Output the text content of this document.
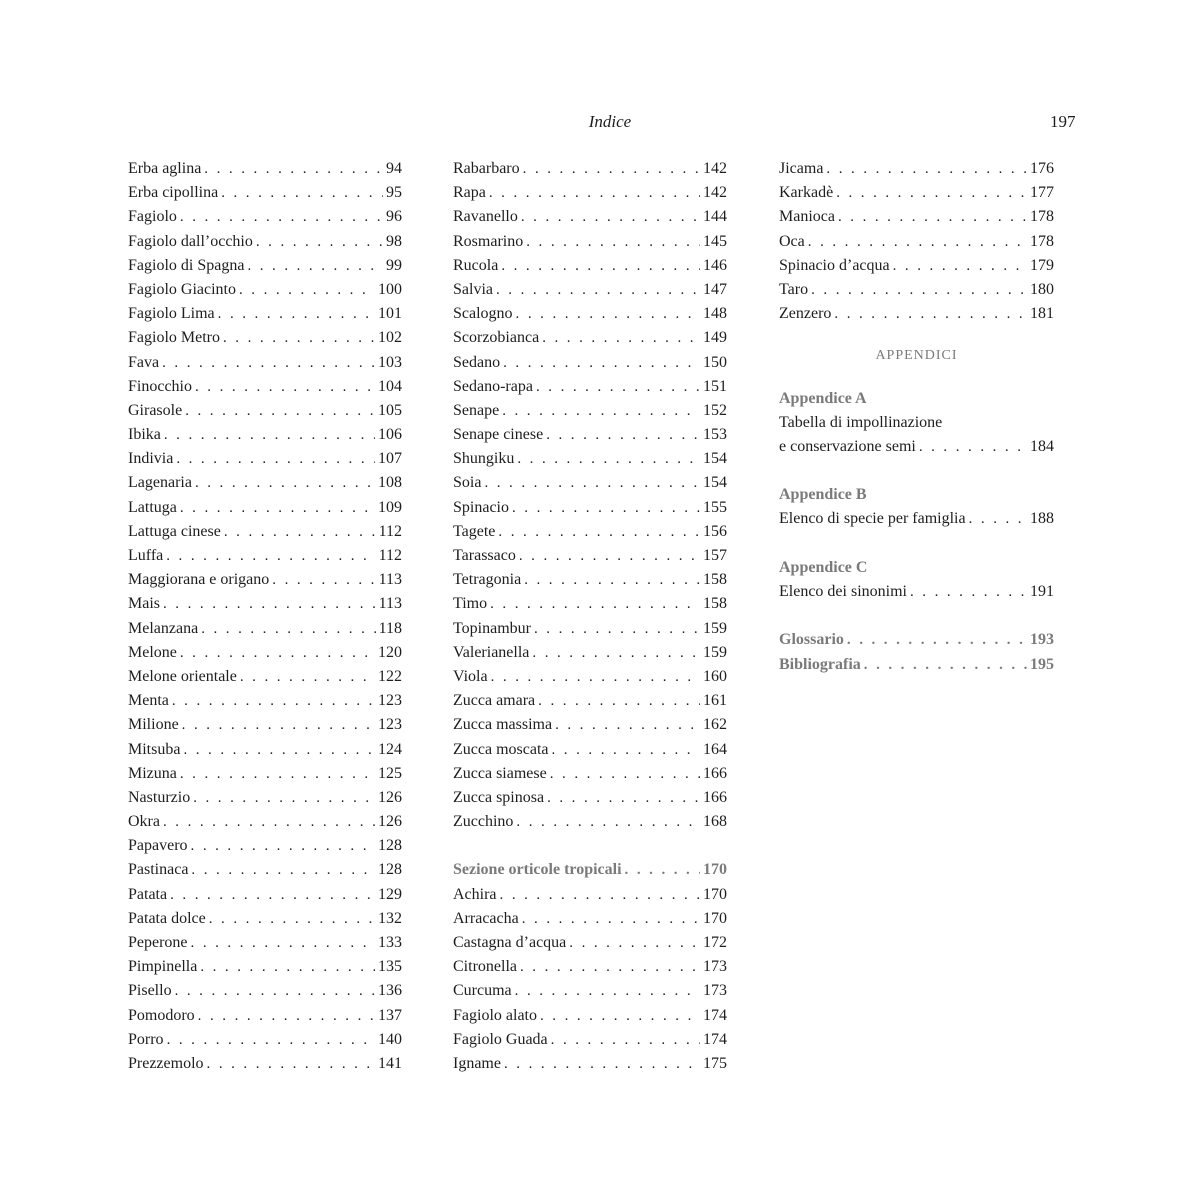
Indice	197
Erba aglina . . .	94
Erba cipollina . . .	95
Fagiolo . . .	96
Fagiolo dall’occhio . . .	98
Fagiolo di Spagna . . .	99
Fagiolo Giacinto . . .	100
Fagiolo Lima . . .	101
Fagiolo Metro . . .	102
Fava . . .	103
Finocchio . . .	104
Girasole . . .	105
Ibika . . .	106
Indivia . . .	107
Lagenaria . . .	108
Lattuga . . .	109
Lattuga cinese . . .	112
Luffa . . .	112
Maggiorana e origano . . .	113
Mais . . .	113
Melanzana . . .	118
Melone . . .	120
Melone orientale . . .	122
Menta . . .	123
Milione . . .	123
Mitsuba . . .	124
Mizuna . . .	125
Nasturzio . . .	126
Okra . . .	126
Papavero . . .	128
Pastinaca . . .	128
Patata . . .	129
Patata dolce . . .	132
Peperone . . .	133
Pimpinella . . .	135
Pisello . . .	136
Pomodoro . . .	137
Porro . . .	140
Prezzemolo . . .	141
Rabarbaro . . .	142
Rapa . . .	142
Ravanello . . .	144
Rosmarino . . .	145
Rucola . . .	146
Salvia . . .	147
Scalogno . . .	148
Scorzobianca . . .	149
Sedano . . .	150
Sedano-rapa . . .	151
Senape . . .	152
Senape cinese . . .	153
Shungiku . . .	154
Soia . . .	154
Spinacio . . .	155
Tagete . . .	156
Tarassaco . . .	157
Tetragonia . . .	158
Timo . . .	158
Topinambur . . .	159
Valerianella . . .	159
Viola . . .	160
Zucca amara . . .	161
Zucca massima . . .	162
Zucca moscata . . .	164
Zucca siamese . . .	166
Zucca spinosa . . .	166
Zucchino . . .	168
Sezione orticole tropicali . . .	170
Achira . . .	170
Arracacha . . .	170
Castagna d’acqua . . .	172
Citronella . . .	173
Curcuma . . .	173
Fagiolo alato . . .	174
Fagiolo Guada . . .	174
Igname . . .	175
Jicama . . .	176
Karkadè . . .	177
Manioca . . .	178
Oca . . .	178
Spinacio d’acqua . . .	179
Taro . . .	180
Zenzero . . .	181
APPENDICI
Appendice A
Tabella di impollinazione
e conservazione semi . . .	184
Appendice B
Elenco di specie per famiglia . . .	188
Appendice C
Elenco dei sinonimi . . .	191
Glossario . . .	193
Bibliografia . . .	195
